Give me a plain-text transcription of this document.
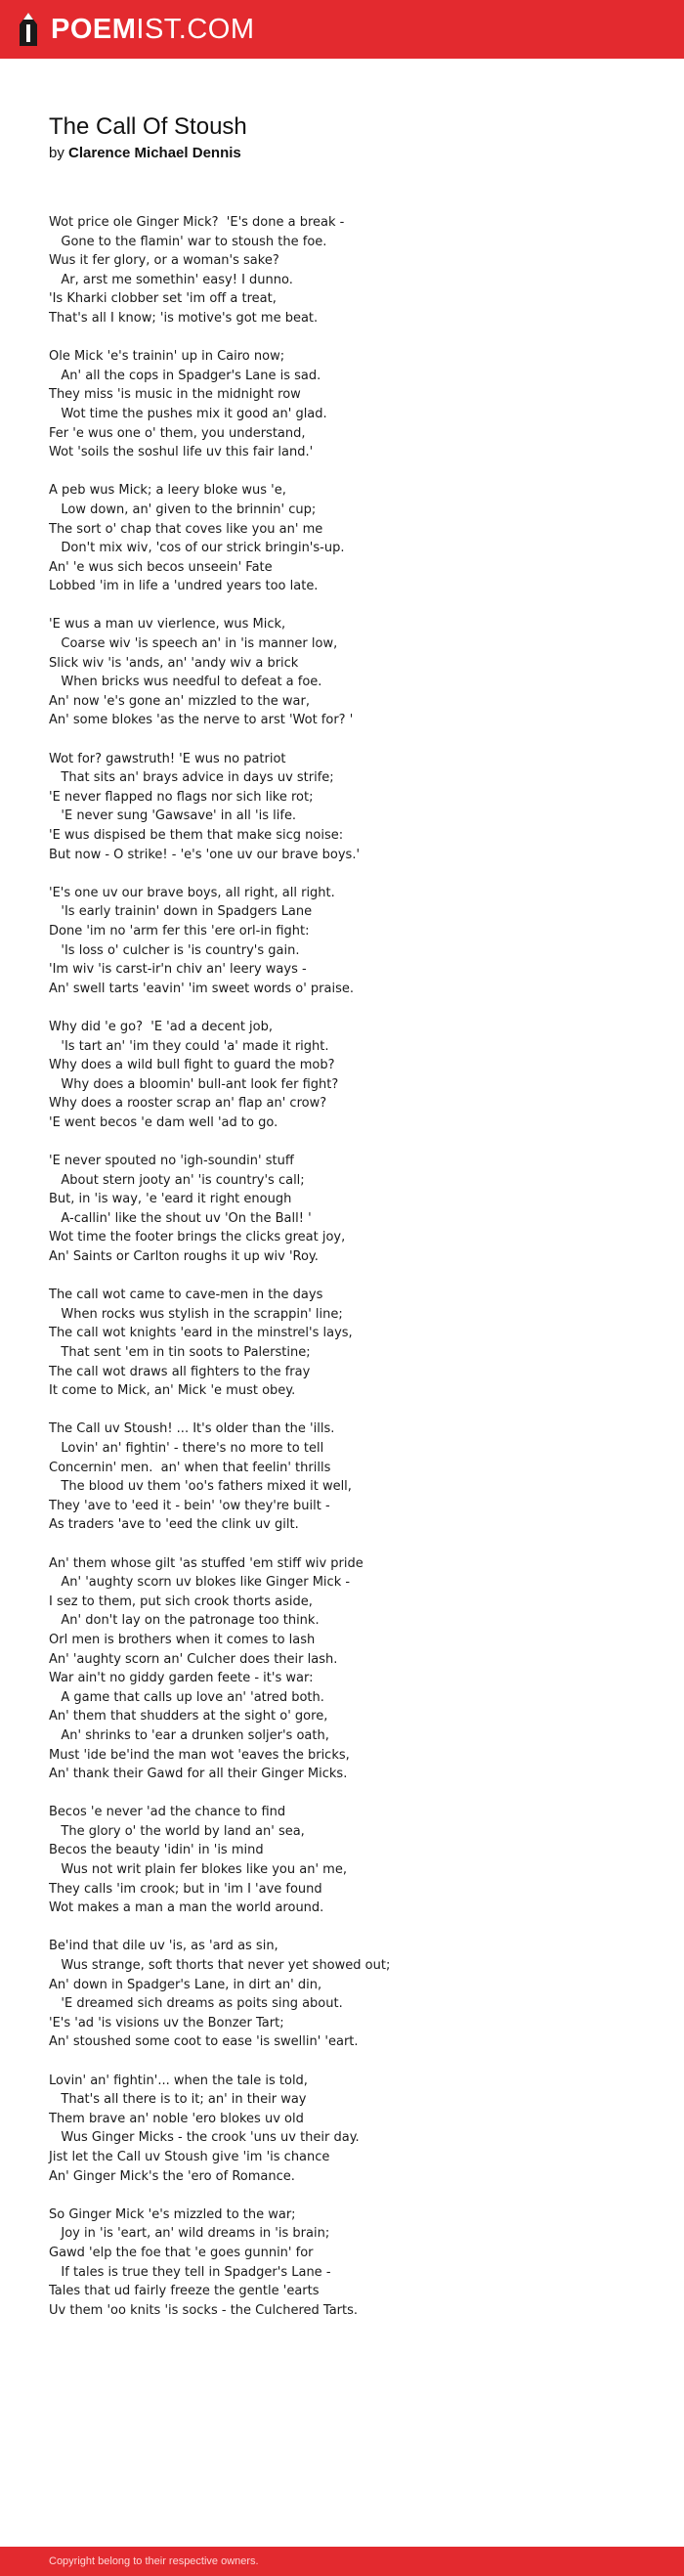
POEMIST.COM
The Call Of Stoush
by Clarence Michael Dennis
Wot price ole Ginger Mick?  'E's done a break -
Gone to the flamin' war to stoush the foe.
Wus it fer glory, or a woman's sake?
Ar, arst me somethin' easy! I dunno.
'Is Kharki clobber set 'im off a treat,
That's all I know; 'is motive's got me beat.
Ole Mick 'e's trainin' up in Cairo now;
An' all the cops in Spadger's Lane is sad.
They miss 'is music in the midnight row
Wot time the pushes mix it good an' glad.
Fer 'e wus one o' them, you understand,
Wot 'soils the soshul life uv this fair land.'
A peb wus Mick; a leery bloke wus 'e,
Low down, an' given to the brinnin' cup;
The sort o' chap that coves like you an' me
Don't mix wiv, 'cos of our strick bringin's-up.
An' 'e wus sich becos unseein' Fate
Lobbed 'im in life a 'undred years too late.
'E wus a man uv vierlence, wus Mick,
Coarse wiv 'is speech an' in 'is manner low,
Slick wiv 'is 'ands, an' 'andy wiv a brick
When bricks wus needful to defeat a foe.
An' now 'e's gone an' mizzled to the war,
An' some blokes 'as the nerve to arst 'Wot for? '
Wot for? gawstruth! 'E wus no patriot
That sits an' brays advice in days uv strife;
'E never flapped no flags nor sich like rot;
'E never sung 'Gawsave' in all 'is life.
'E wus dispised be them that make sicg noise:
But now - O strike! - 'e's 'one uv our brave boys.'
'E's one uv our brave boys, all right, all right.
'Is early trainin' down in Spadgers Lane
Done 'im no 'arm fer this 'ere orl-in fight:
'Is loss o' culcher is 'is country's gain.
'Im wiv 'is carst-ir'n chiv an' leery ways -
An' swell tarts 'eavin' 'im sweet words o' praise.
Why did 'e go?  'E 'ad a decent job,
'Is tart an' 'im they could 'a' made it right.
Why does a wild bull fight to guard the mob?
Why does a bloomin' bull-ant look fer fight?
Why does a rooster scrap an' flap an' crow?
'E went becos 'e dam well 'ad to go.
'E never spouted no 'igh-soundin' stuff
About stern jooty an' 'is country's call;
But, in 'is way, 'e 'eard it right enough
A-callin' like the shout uv 'On the Ball! '
Wot time the footer brings the clicks great joy,
An' Saints or Carlton roughs it up wiv 'Roy.
The call wot came to cave-men in the days
When rocks wus stylish in the scrappin' line;
The call wot knights 'eard in the minstrel's lays,
That sent 'em in tin soots to Palerstine;
The call wot draws all fighters to the fray
It come to Mick, an' Mick 'e must obey.
The Call uv Stoush! ... It's older than the 'ills.
Lovin' an' fightin' - there's no more to tell
Concernin' men.  an' when that feelin' thrills
The blood uv them 'oo's fathers mixed it well,
They 'ave to 'eed it - bein' 'ow they're built -
As traders 'ave to 'eed the clink uv gilt.
An' them whose gilt 'as stuffed 'em stiff wiv pride
An' 'aughty scorn uv blokes like Ginger Mick -
I sez to them, put sich crook thorts aside,
An' don't lay on the patronage too think.
Orl men is brothers when it comes to lash
An' 'aughty scorn an' Culcher does their lash.
War ain't no giddy garden feete - it's war:
A game that calls up love an' 'atred both.
An' them that shudders at the sight o' gore,
An' shrinks to 'ear a drunken soljer's oath,
Must 'ide be'ind the man wot 'eaves the bricks,
An' thank their Gawd for all their Ginger Micks.
Becos 'e never 'ad the chance to find
The glory o' the world by land an' sea,
Becos the beauty 'idin' in 'is mind
Wus not writ plain fer blokes like you an' me,
They calls 'im crook; but in 'im I 'ave found
Wot makes a man a man the world around.
Be'ind that dile uv 'is, as 'ard as sin,
Wus strange, soft thorts that never yet showed out;
An' down in Spadger's Lane, in dirt an' din,
'E dreamed sich dreams as poits sing about.
'E's 'ad 'is visions uv the Bonzer Tart;
An' stoushed some coot to ease 'is swellin' 'eart.
Lovin' an' fightin'... when the tale is told,
That's all there is to it; an' in their way
Them brave an' noble 'ero blokes uv old
Wus Ginger Micks - the crook 'uns uv their day.
Jist let the Call uv Stoush give 'im 'is chance
An' Ginger Mick's the 'ero of Romance.
So Ginger Mick 'e's mizzled to the war;
Joy in 'is 'eart, an' wild dreams in 'is brain;
Gawd 'elp the foe that 'e goes gunnin' for
If tales is true they tell in Spadger's Lane -
Tales that ud fairly freeze the gentle 'earts
Uv them 'oo knits 'is socks - the Culchered Tarts.
Copyright belong to their respective owners.
